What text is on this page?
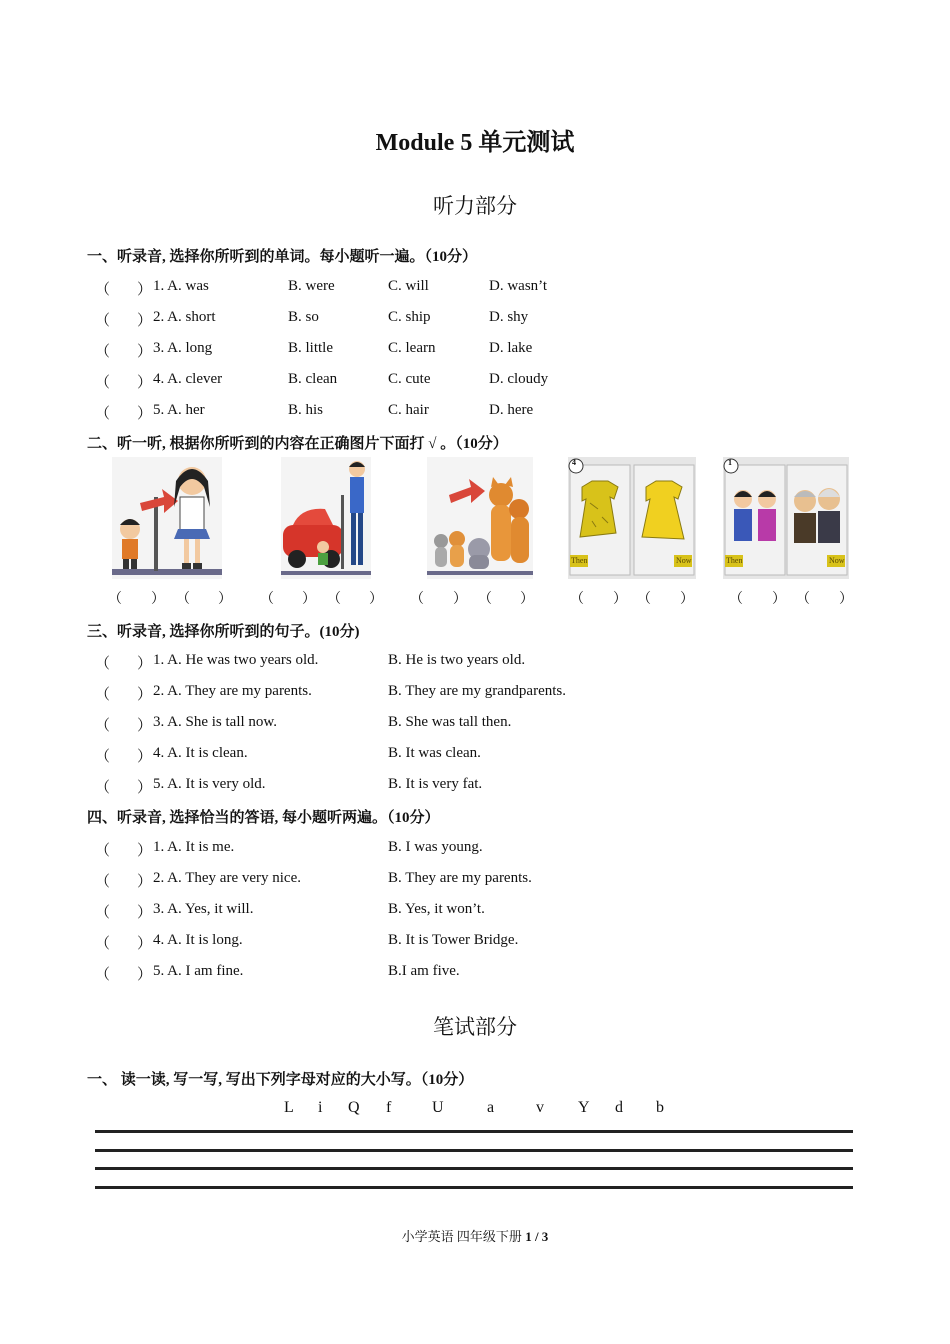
Module 5 单元测试
听力部分
一、听录音, 选择你所听到的单词。每小题听一遍。（10分）
（ ） 1. A. was	B. were	C. will	D. wasn’t
（ ） 2. A. short	B. so	C. ship	D. shy
（ ） 3. A. long	B. little	C. learn	D. lake
（ ） 4. A. clever	B. clean	C. cute	D. cloudy
（ ） 5. A. her	B. his	C. hair	D. here
二、听一听, 根据你所听到的内容在正确图片下面打 √ 。（10分）
4
Then	Now
1
Then	Now
（ ） （ ） （ ） （ ） （ ） （ ）	（ ） （ ）	（ ） （ ）
三、听录音, 选择你所听到的句子。(10分)
（ ） 1. A. He was two years old.	B. He is two years old.
（ ） 2. A. They are my parents.	B. They are my grandparents.
（ ） 3. A. She is tall now.	B. She was tall then.
（ ） 4. A. It is clean.	B. It was clean.
（ ） 5. A. It is very old.	B. It is very fat.
四、听录音, 选择恰当的答语, 每小题听两遍。（10分）
（ ） 1. A. It is me.	B. I was young.
（ ） 2. A. They are very nice.	B. They are my parents.
（ ） 3. A. Yes, it will.	B. Yes, it won’t.
（ ） 4. A. It is long.	B. It is Tower Bridge.
（ ） 5. A. I am fine.	B.I am five.
笔试部分
一、 读一读, 写一写, 写出下列字母对应的大小写。（10分）
L i Q f	U	a	v Y d b
小学英语 四年级下册 1 / 3
